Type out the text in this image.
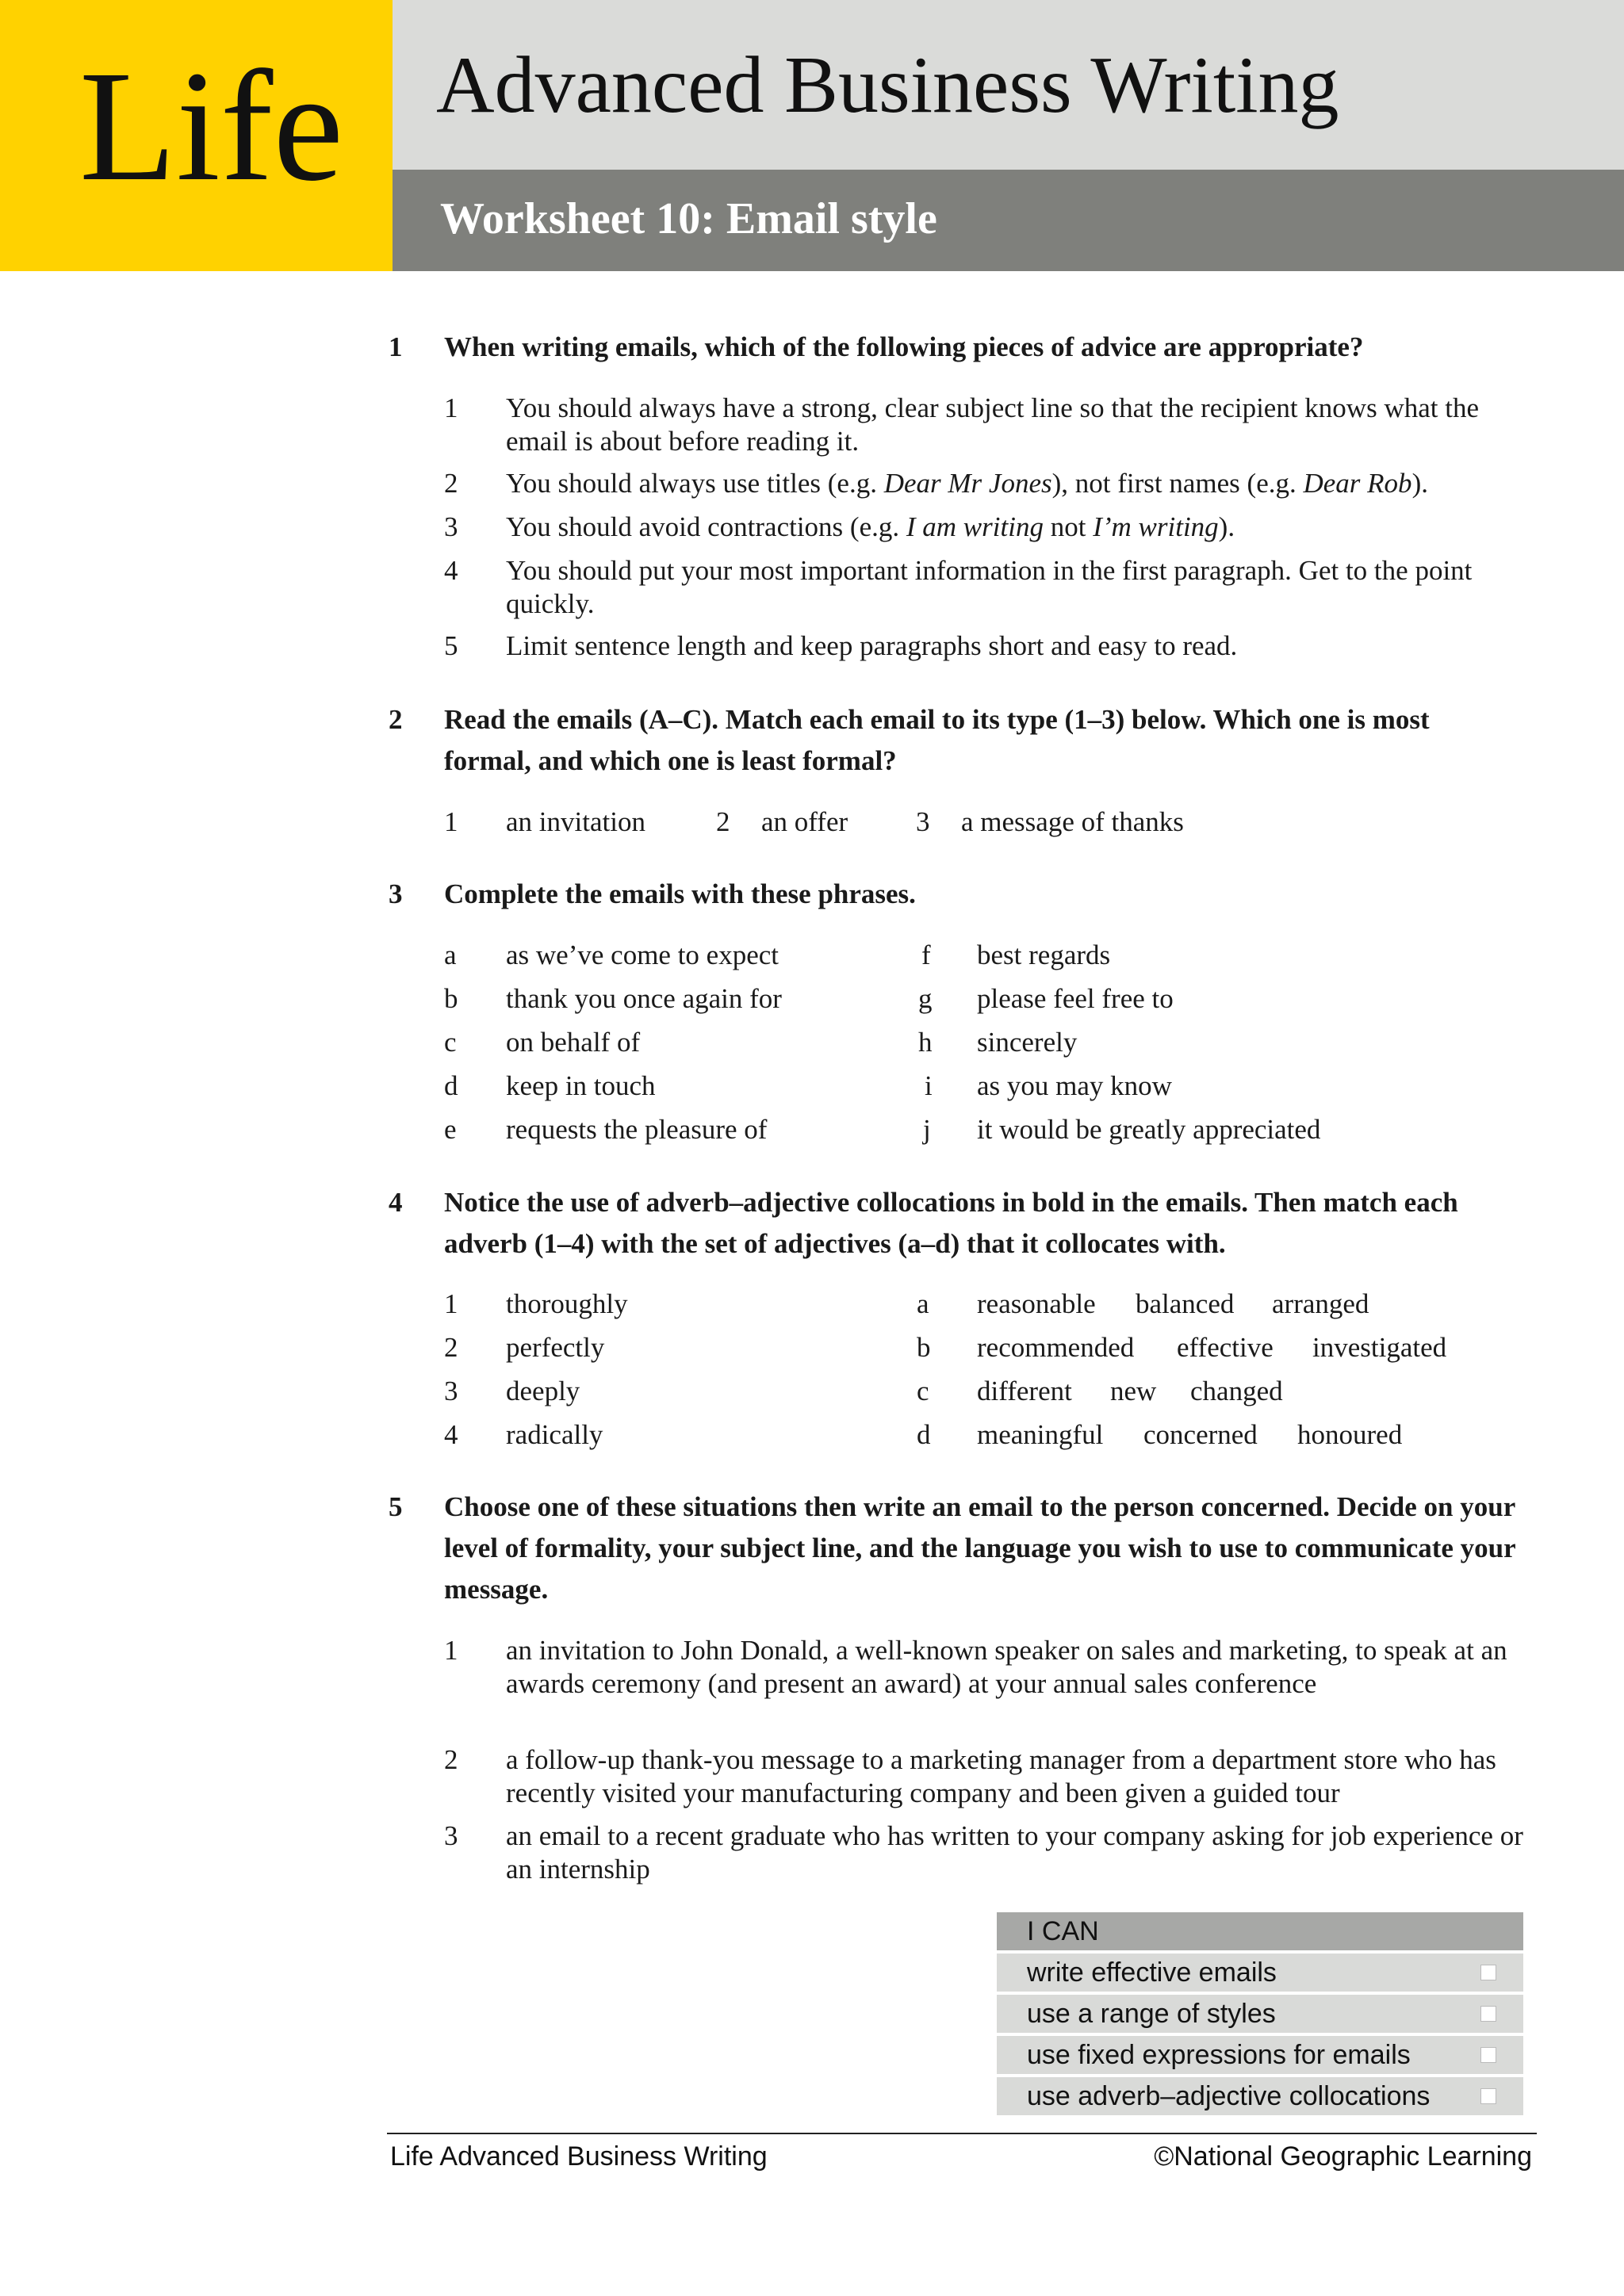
Life Advanced Business Writing
Worksheet 10: Email style
1 When writing emails, which of the following pieces of advice are appropriate?
1 You should always have a strong, clear subject line so that the recipient knows what the email is about before reading it.
2 You should always use titles (e.g. Dear Mr Jones), not first names (e.g. Dear Rob).
3 You should avoid contractions (e.g. I am writing not I’m writing).
4 You should put your most important information in the first paragraph. Get to the point quickly.
5 Limit sentence length and keep paragraphs short and easy to read.
2 Read the emails (A–C). Match each email to its type (1–3) below. Which one is most formal, and which one is least formal?
1 an invitation	2 an offer 3 a message of thanks
3 Complete the emails with these phrases.
a as we’ve come to expect
b thank you once again for
c on behalf of
d keep in touch
e requests the pleasure of
f best regards
g please feel free to
h sincerely
i as you may know
j it would be greatly appreciated
4 Notice the use of adverb–adjective collocations in bold in the emails. Then match each adverb (1–4) with the set of adjectives (a–d) that it collocates with.
1 thoroughly
2 perfectly
3 deeply
4 radically
a reasonable balanced arranged
b recommended effective investigated
c different new changed
d meaningful concerned honoured
5 Choose one of these situations then write an email to the person concerned. Decide on your level of formality, your subject line, and the language you wish to use to communicate your message.
1 an invitation to John Donald, a well-known speaker on sales and marketing, to speak at an awards ceremony (and present an award) at your annual sales conference
2 a follow-up thank-you message to a marketing manager from a department store who has recently visited your manufacturing company and been given a guided tour
3 an email to a recent graduate who has written to your company asking for job experience or an internship
I CAN
write effective emails
use a range of styles
use fixed expressions for emails
use adverb–adjective collocations
Life Advanced Business Writing	©National Geographic Learning
